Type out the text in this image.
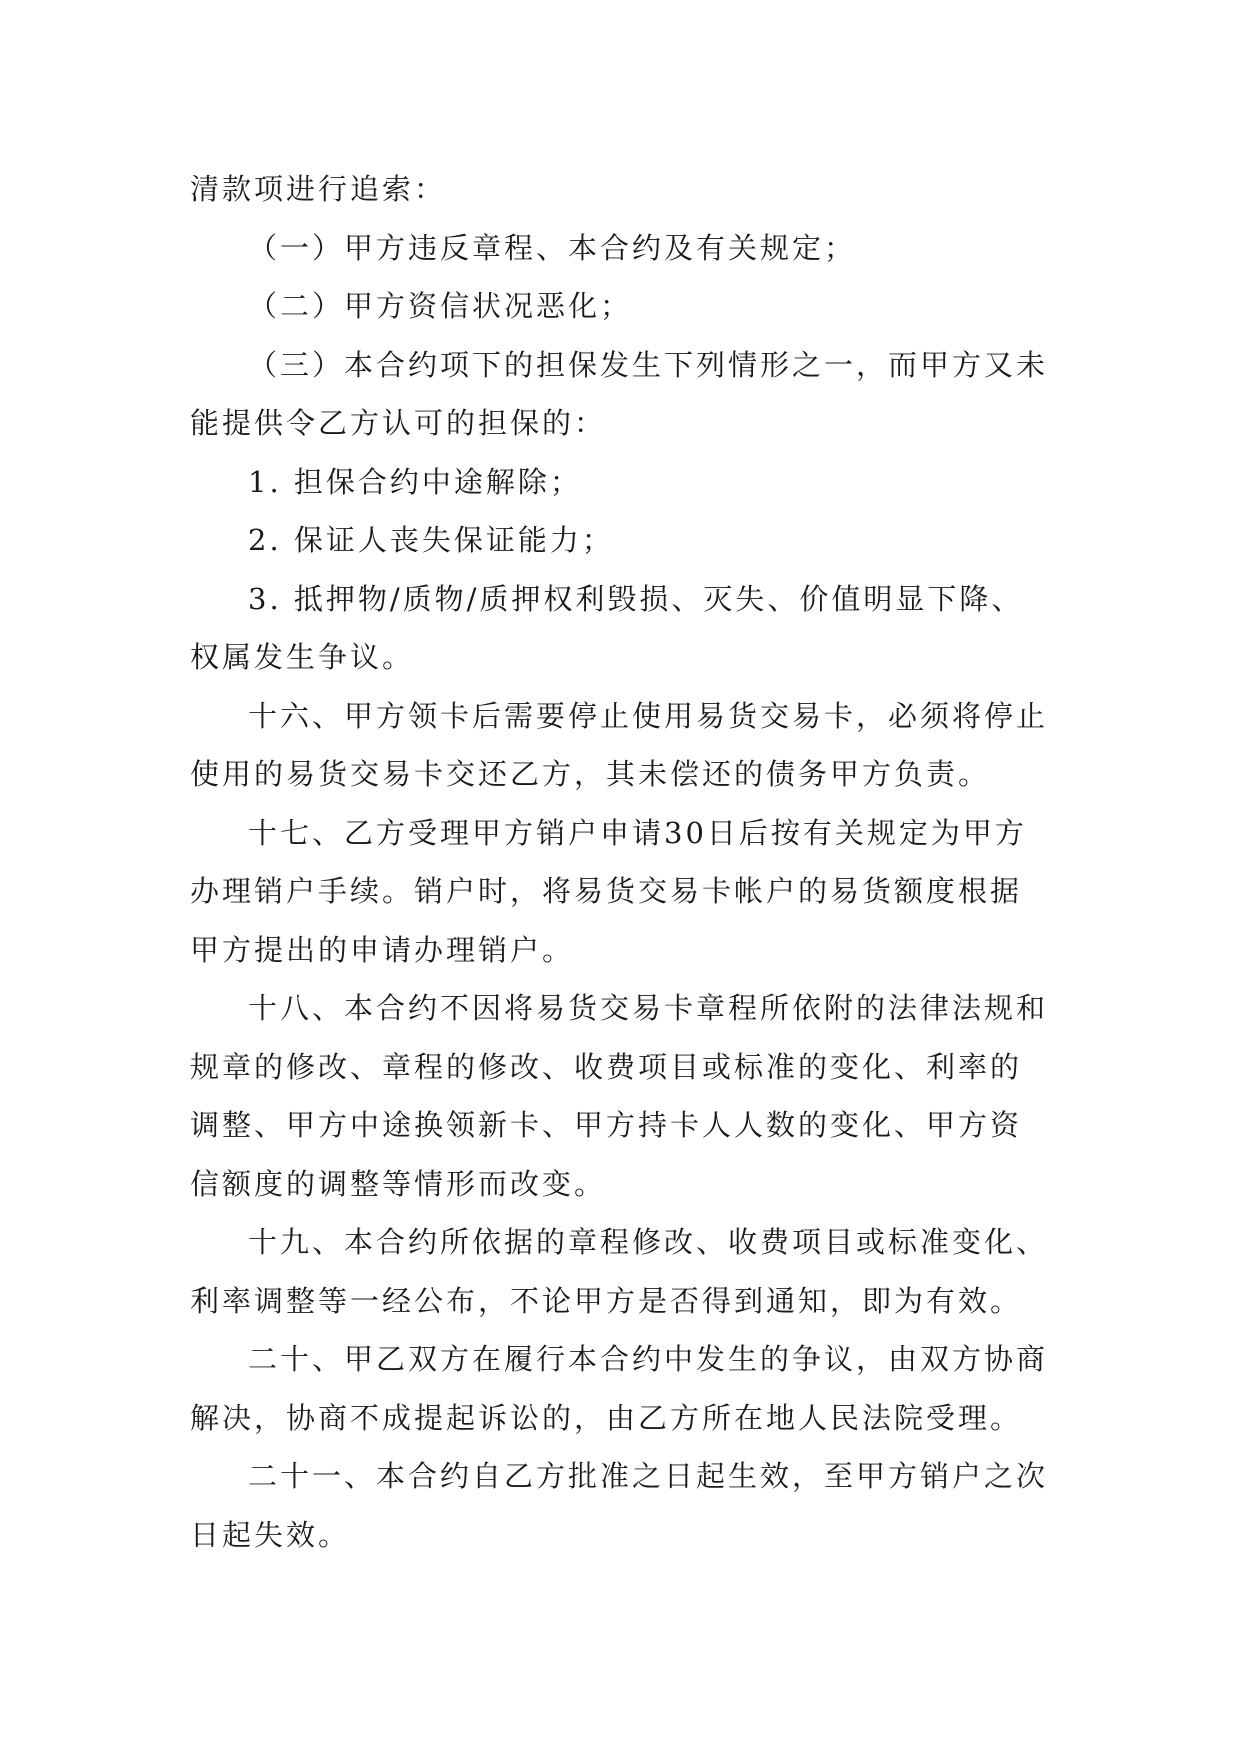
清款项进行追索：

（一）甲方违反章程、本合约及有关规定；

（二）甲方资信状况恶化；

（三）本合约项下的担保发生下列情形之一，而甲方又未能提供令乙方认可的担保的：

1. 担保合约中途解除；

2. 保证人丧失保证能力；

3. 抵押物/质物/质押权利毁损、灭失、价值明显下降、权属发生争议。

十六、甲方领卡后需要停止使用易货交易卡，必须将停止使用的易货交易卡交还乙方，其未偿还的债务甲方负责。

十七、乙方受理甲方销户申请30日后按有关规定为甲方办理销户手续。销户时，将易货交易卡帐户的易货额度根据甲方提出的申请办理销户。

十八、本合约不因将易货交易卡章程所依附的法律法规和规章的修改、章程的修改、收费项目或标准的变化、利率的调整、甲方中途换领新卡、甲方持卡人人数的变化、甲方资信额度的调整等情形而改变。

十九、本合约所依据的章程修改、收费项目或标准变化、利率调整等一经公布，不论甲方是否得到通知，即为有效。

二十、甲乙双方在履行本合约中发生的争议，由双方协商解决，协商不成提起诉讼的，由乙方所在地人民法院受理。

二十一、本合约自乙方批准之日起生效，至甲方销户之次日起失效。
